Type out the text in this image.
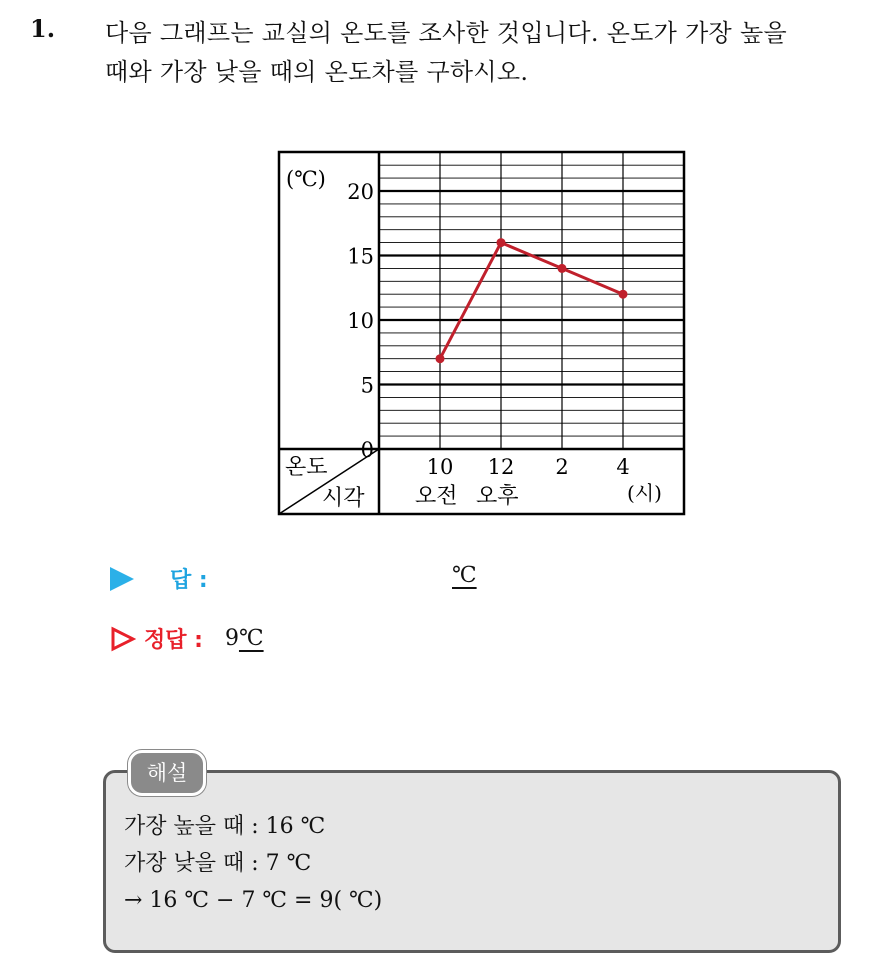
1. 다음 그래프는 교실의 온도를 조사한 것입니다. 온도가 가장 높을
때와 가장 낮을 때의 온도차를 구하시오.
(℃)
20
15
10
5
0
온도
시각
10 12 2 4
오전 오후	(시)
답 :	℃
정답 : 9 ℃
해설
가장 높을 때 : 16 ℃
가장 낮을 때 : 7 ℃
→ 16 ℃ − 7 ℃ = 9( ℃)
